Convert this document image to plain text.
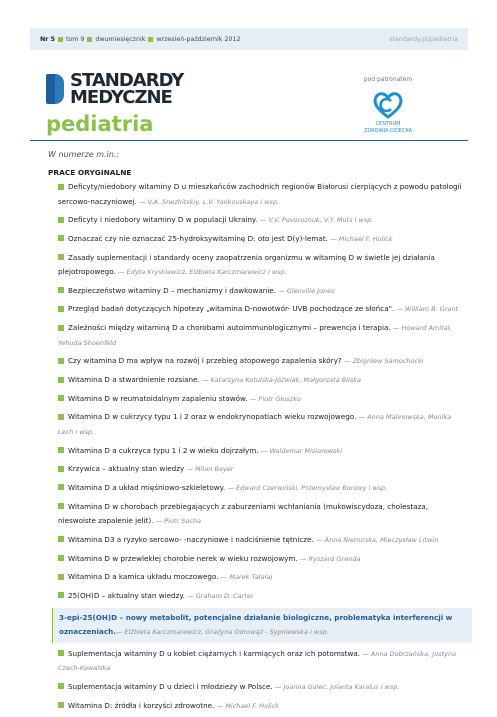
Nr 5 tom 9 dwumiesięcznik wrzesień-październik 2012	standardy.pl/pediatria
STANDARDY
MEDYCZNE
pediatria
pod patronatem
CENTRUM
ZDROWIA DZIECKA
W numerze m.in.:
PRACE ORYGINALNE
Deficyty/niedobory witaminy D u mieszkańców zachodnich regionów Białorusi cierpiących z powodu patologii sercowo-naczyniowej. — V.A. Snezhitskiy, L.V. Yankovskaya i wsp.
Deficyty i niedobory witaminy D w populacji Ukrainy. — V.V. Povoroznuk, V.Y. Muts i wsp.
Oznaczać czy nie oznaczać 25-hydroksywitaminę D: oto jest D(y)-lemat. — Michael F. Holick
Zasady suplementacji i standardy oceny zaopatrzenia organizmu w witaminę D w świetle jej działania plejotropowego. — Edyta Kryskiewicz, Elżbieta Karczmarewicz i wsp.
Bezpieczeństwo witaminy D – mechanizmy i dawkowanie. — Glenville Jones
Przegląd badań dotyczących hipotezy „witamina D-nowotwór- UVB pochodzące ze słońca". — William B. Grant
Zależności między witaminą D a chorobami autoimmunologicznymi – prewencja i terapia. — Howard Amital, Yehuda Shoenfeld
Czy witamina D ma wpływ na rozwój i przebieg atopowego zapalenia skóry? — Zbigniew Samochocki
Witamina D a stwardnienie rozsiane. — Katarzyna Kotulska-Jóźwiak, Małgorzata Bilska
Witamina D w reumatoidalnym zapaleniu stawów. — Piotr Głuszko
Witamina D w cukrzycy typu 1 i 2 oraz w endokrynopatiach wieku rozwojowego. — Anna Malinowska, Monika Lech i wsp.
Witamina D a cukrzyca typu 1 i 2 w wieku dojrzałym. — Waldemar Misiorowski
Krzywica – aktualny stan wiedzy — Milan Bayer
Witamina D a układ mięśniowo-szkieletowy. — Edward Czerwiński, Przemysław Borowy i wsp.
Witamina D w chorobach przebiegających z zaburzeniami wchłaniania (mukowiscydoza, cholestaza, nieswoiste zapalenie jelit). — Piotr Socha
Witamina D3 a ryzyko sercowo- -naczyniowe i nadciśnienie tętnicze. — Anna Niemirska, Mieczysław Litwin
Witamina D w przewlekłej chorobie nerek w wieku rozwojowym. — Ryszard Grenda
Witamina D a kamica układu moczowego. — Marek Tałałaj
25(OH)D – aktualny stan wiedzy. — Graham D. Carter
3-epi-25(OH)D – nowy metabolit, potencjalne działanie biologiczne, problematyka interferencji w oznaczeniach.— Elżbieta Karczmarewicz, Grażyna Odrowąż - Sypniewska i wsp.
Suplementacja witaminy D u kobiet ciężarnych i karmiących oraz ich potomstwa. — Anna Dobrzańska, Justyna Czech-Kowalska
Suplementacja witaminy D u dzieci i młodzieży w Polsce. — Joanna Golec, Jolanta Karalus i wsp.
Witamina D: źródła i korzyści zdrowotne. — Michael F. Holick
